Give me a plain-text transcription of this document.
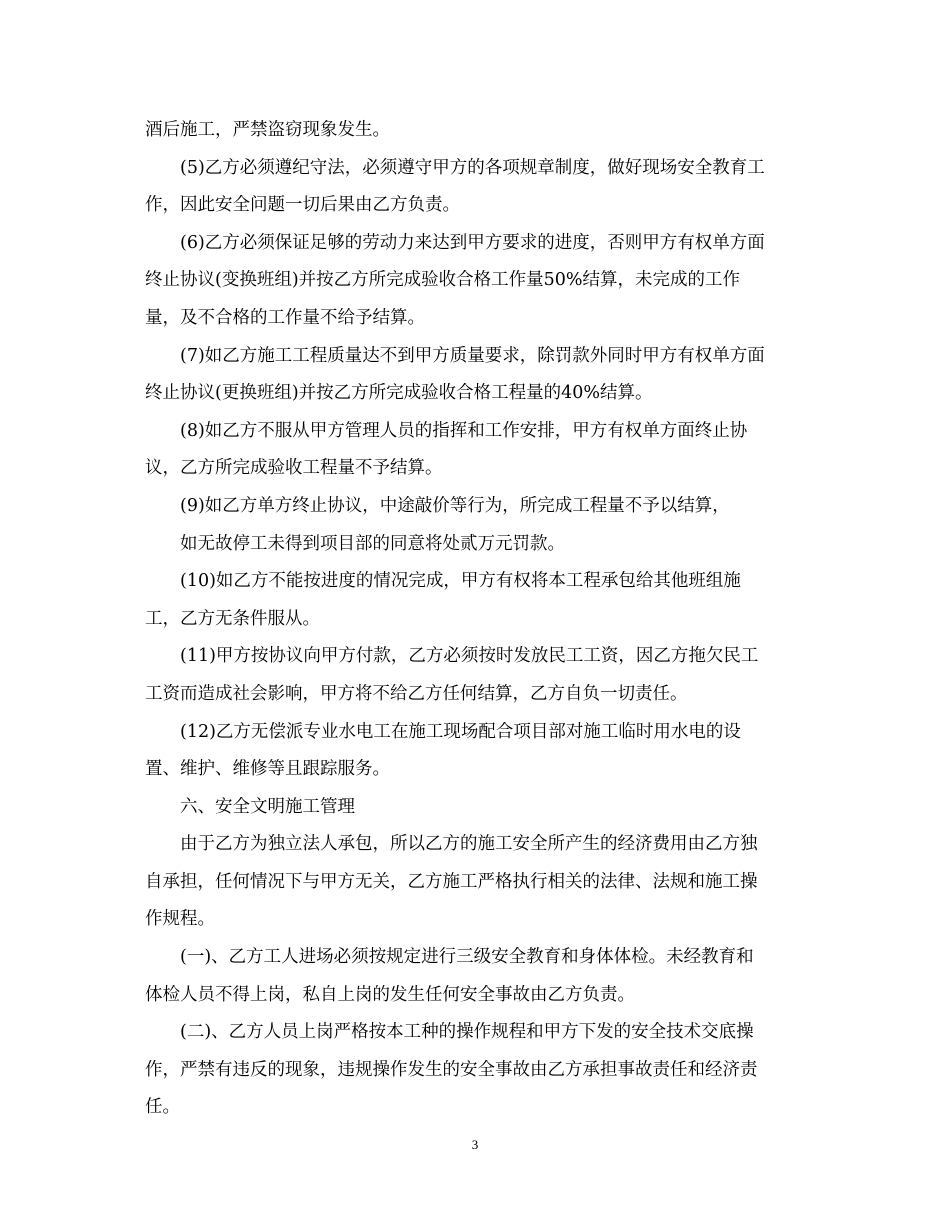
酒后施工，严禁盗窃现象发生。
(5)乙方必须遵纪守法，必须遵守甲方的各项规章制度，做好现场安全教育工
作，因此安全问题一切后果由乙方负责。
(6)乙方必须保证足够的劳动力来达到甲方要求的进度，否则甲方有权单方面
终止协议(变换班组)并按乙方所完成验收合格工作量50%结算，未完成的工作
量，及不合格的工作量不给予结算。
(7)如乙方施工工程质量达不到甲方质量要求，除罚款外同时甲方有权单方面
终止协议(更换班组)并按乙方所完成验收合格工程量的40%结算。
(8)如乙方不服从甲方管理人员的指挥和工作安排，甲方有权单方面终止协
议，乙方所完成验收工程量不予结算。
(9)如乙方单方终止协议，中途敲价等行为，所完成工程量不予以结算，
如无故停工未得到项目部的同意将处贰万元罚款。
(10)如乙方不能按进度的情况完成，甲方有权将本工程承包给其他班组施
工，乙方无条件服从。
(11)甲方按协议向甲方付款，乙方必须按时发放民工工资，因乙方拖欠民工
工资而造成社会影响，甲方将不给乙方任何结算，乙方自负一切责任。
(12)乙方无偿派专业水电工在施工现场配合项目部对施工临时用水电的设
置、维护、维修等且跟踪服务。
六、安全文明施工管理
由于乙方为独立法人承包，所以乙方的施工安全所产生的经济费用由乙方独
自承担，任何情况下与甲方无关，乙方施工严格执行相关的法律、法规和施工操
作规程。
(一)、乙方工人进场必须按规定进行三级安全教育和身体体检。未经教育和
体检人员不得上岗，私自上岗的发生任何安全事故由乙方负责。
(二)、乙方人员上岗严格按本工种的操作规程和甲方下发的安全技术交底操
作，严禁有违反的现象，违规操作发生的安全事故由乙方承担事故责任和经济责
任。
3
